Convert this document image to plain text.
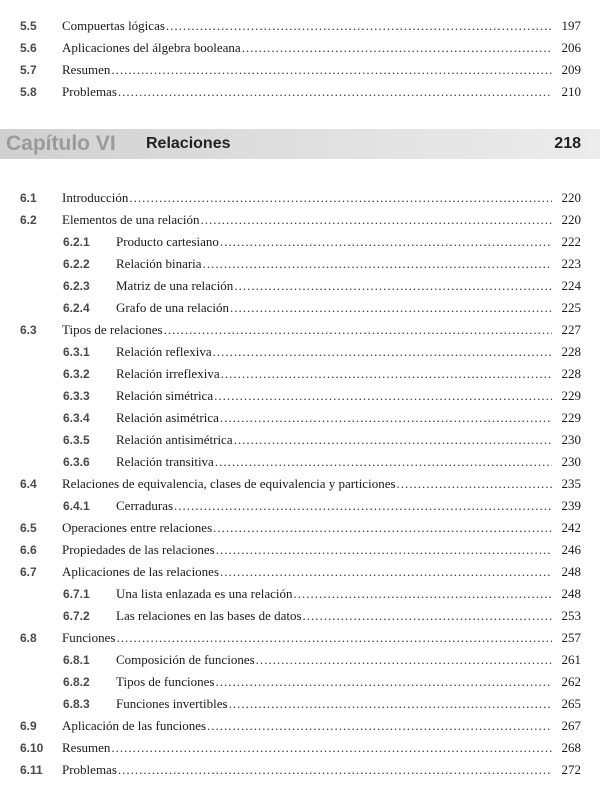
5.5 Compuertas lógicas .....	197
5.6 Aplicaciones del álgebra booleana .....	206
5.7 Resumen .....	209
5.8 Problemas .....	210
Capítulo VI Relaciones	218
6.1 Introducción .....	220
6.2 Elementos de una relación .....	220
6.2.1 Producto cartesiano .....	222
6.2.2 Relación binaria .....	223
6.2.3 Matriz de una relación .....	224
6.2.4 Grafo de una relación .....	225
6.3 Tipos de relaciones .....	227
6.3.1 Relación reflexiva .....	228
6.3.2 Relación irreflexiva .....	228
6.3.3 Relación simétrica .....	229
6.3.4 Relación asimétrica .....	229
6.3.5 Relación antisimétrica .....	230
6.3.6 Relación transitiva .....	230
6.4 Relaciones de equivalencia, clases de equivalencia y particiones .....	235
6.4.1 Cerraduras .....	239
6.5 Operaciones entre relaciones .....	242
6.6 Propiedades de las relaciones .....	246
6.7 Aplicaciones de las relaciones .....	248
6.7.1 Una lista enlazada es una relación .....	248
6.7.2 Las relaciones en las bases de datos .....	253
6.8 Funciones .....	257
6.8.1 Composición de funciones .....	261
6.8.2 Tipos de funciones .....	262
6.8.3 Funciones invertibles .....	265
6.9 Aplicación de las funciones .....	267
6.10 Resumen .....	268
6.11 Problemas .....	272
